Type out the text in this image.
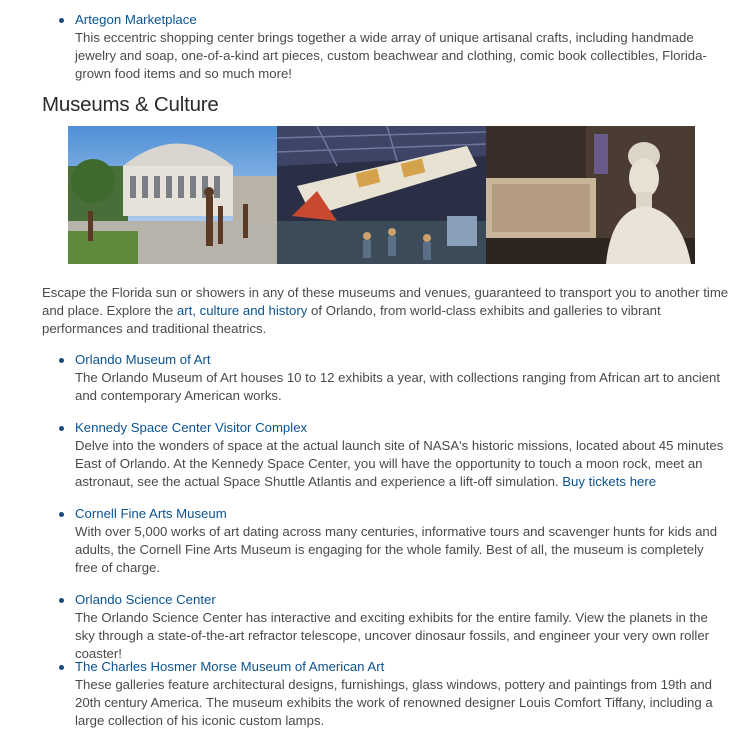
Artegon Marketplace
This eccentric shopping center brings together a wide array of unique artisanal crafts, including handmade jewelry and soap, one-of-a-kind art pieces, custom beachwear and clothing, comic book collectibles, Florida-grown food items and so much more!
Museums & Culture
Escape the Florida sun or showers in any of these museums and venues, guaranteed to transport you to another time and place. Explore the art, culture and history of Orlando, from world-class exhibits and galleries to vibrant performances and traditional theatrics.
Orlando Museum of Art
The Orlando Museum of Art houses 10 to 12 exhibits a year, with collections ranging from African art to ancient and contemporary American works.
Kennedy Space Center Visitor Complex
Delve into the wonders of space at the actual launch site of NASA's historic missions, located about 45 minutes East of Orlando. At the Kennedy Space Center, you will have the opportunity to touch a moon rock, meet an astronaut, see the actual Space Shuttle Atlantis and experience a lift-off simulation. Buy tickets here
Cornell Fine Arts Museum
With over 5,000 works of art dating across many centuries, informative tours and scavenger hunts for kids and adults, the Cornell Fine Arts Museum is engaging for the whole family. Best of all, the museum is completely free of charge.
Orlando Science Center
The Orlando Science Center has interactive and exciting exhibits for the entire family. View the planets in the sky through a state-of-the-art refractor telescope, uncover dinosaur fossils, and engineer your very own roller coaster!
The Charles Hosmer Morse Museum of American Art
These galleries feature architectural designs, furnishings, glass windows, pottery and paintings from 19th and 20th century America. The museum exhibits the work of renowned designer Louis Comfort Tiffany, including a large collection of his iconic custom lamps.
